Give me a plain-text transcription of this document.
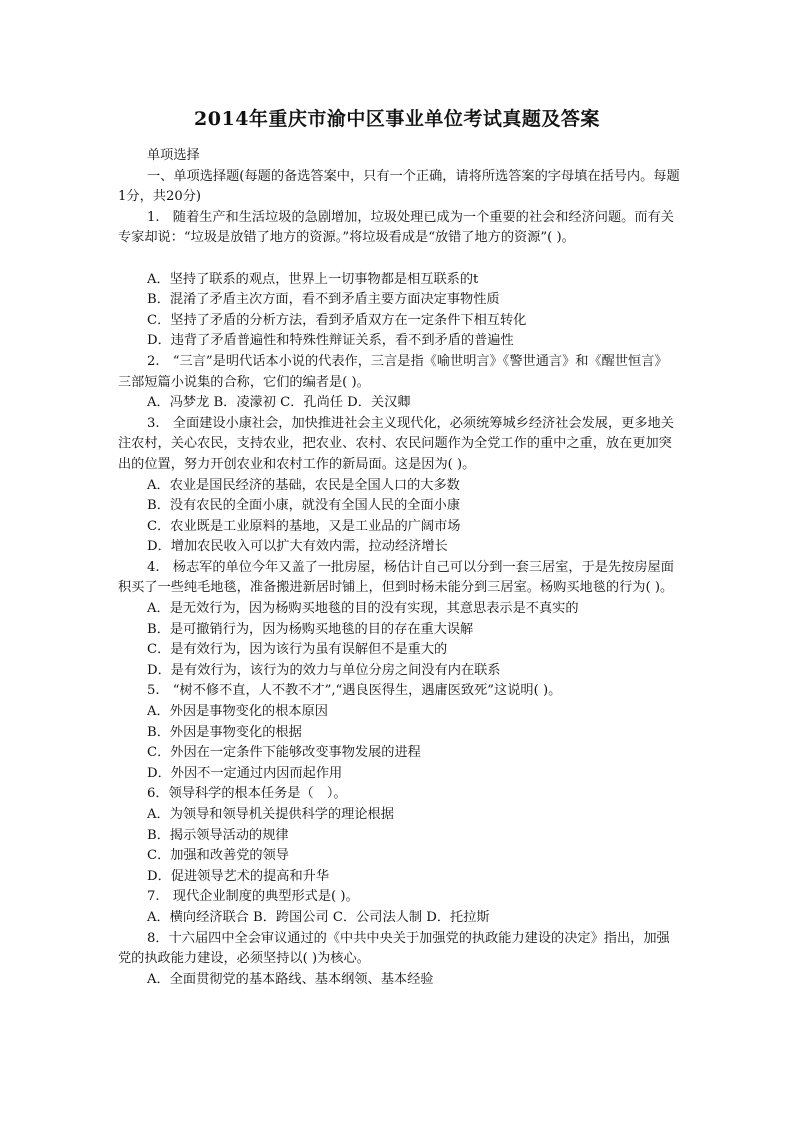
2014年重庆市渝中区事业单位考试真题及答案

单项选择

一、单项选择题(每题的备选答案中，只有一个正确，请将所选答案的字母填在括号内。每题1分，共20分)

1.　随着生产和生活垃圾的急剧增加，垃圾处理已成为一个重要的社会和经济问题。而有关专家却说：“垃圾是放错了地方的资源。”将垃圾看成是“放错了地方的资源”( )。

A．坚持了联系的观点，世界上一切事物都是相互联系的t

B．混淆了矛盾主次方面，看不到矛盾主要方面决定事物性质

C．坚持了矛盾的分析方法，看到矛盾双方在一定条件下相互转化

D．违背了矛盾普遍性和特殊性辩证关系，看不到矛盾的普遍性

2.　“三言”是明代话本小说的代表作，三言是指《喻世明言》《警世通言》和《醒世恒言》三部短篇小说集的合称，它们的编者是( )。

A．冯梦龙 B．凌濛初 C．孔尚任 D．关汉卿

3.　全面建设小康社会，加快推进社会主义现代化，必须统筹城乡经济社会发展，更多地关注农村，关心农民，支持农业，把农业、农村、农民问题作为全党工作的重中之重，放在更加突出的位置，努力开创农业和农村工作的新局面。这是因为( )。

A．农业是国民经济的基础，农民是全国人口的大多数

B．没有农民的全面小康，就没有全国人民的全面小康

C．农业既是工业原料的基地，又是工业品的广阔市场

D．增加农民收入可以扩大有效内需，拉动经济增长

4.　杨志军的单位今年又盖了一批房屋，杨估计自己可以分到一套三居室，于是先按房屋面积买了一些纯毛地毯，准备搬进新居时铺上，但到时杨未能分到三居室。杨购买地毯的行为( )。

A．是无效行为，因为杨购买地毯的目的没有实现，其意思表示是不真实的

B．是可撤销行为，因为杨购买地毯的目的存在重大误解

C．是有效行为，因为该行为虽有误解但不是重大的

D．是有效行为，该行为的效力与单位分房之间没有内在联系

5.　“树不修不直，人不教不才”,“遇良医得生，遇庸医致死”这说明( )。

A．外因是事物变化的根本原因

B．外因是事物变化的根据

C．外因在一定条件下能够改变事物发展的进程

D．外因不一定通过内因而起作用

6．领导科学的根本任务是（　）。

A．为领导和领导机关提供科学的理论根据

B．揭示领导活动的规律

C．加强和改善党的领导

D．促进领导艺术的提高和升华

7.　现代企业制度的典型形式是( )。

A．横向经济联合 B．跨国公司 C．公司法人制 D．托拉斯

8．十六届四中全会审议通过的《中共中央关于加强党的执政能力建设的决定》指出，加强党的执政能力建设，必须坚持以( )为核心。

A．全面贯彻党的基本路线、基本纲领、基本经验
